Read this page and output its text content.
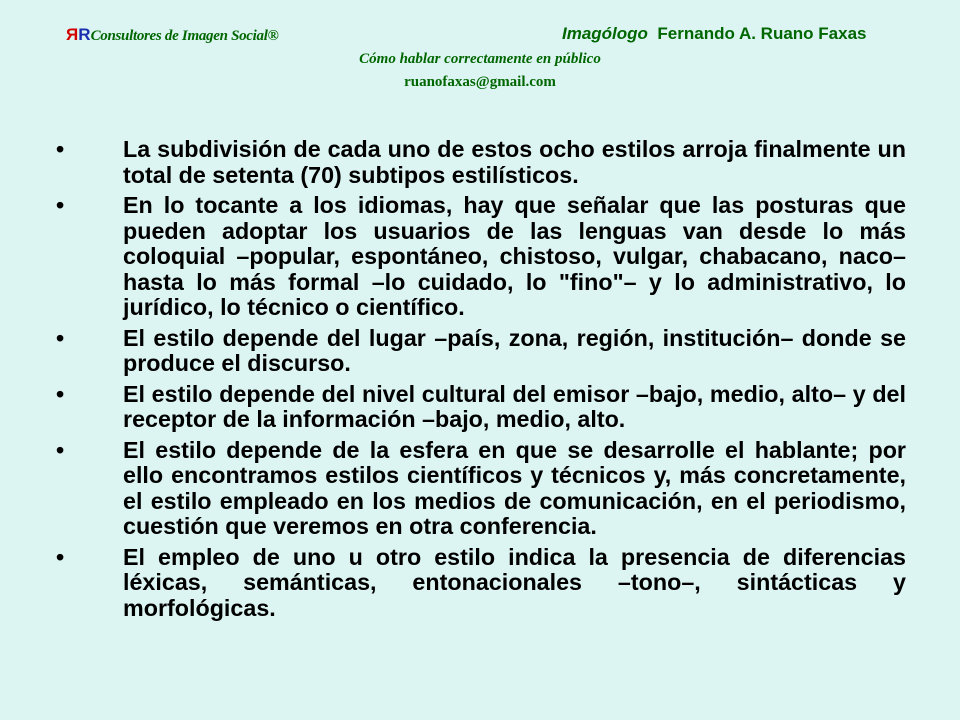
RRConsultores de Imagen Social®	Imagólogo Fernando A. Ruano Faxas
Cómo hablar correctamente en público
ruanofaxas@gmail.com
•	La subdivisión de cada uno de estos ocho estilos arroja finalmente un total de setenta (70) subtipos estilísticos.
•	En lo tocante a los idiomas, hay que señalar que las posturas que pueden adoptar los usuarios de las lenguas van desde lo más coloquial –popular, espontáneo, chistoso, vulgar, chabacano, naco– hasta lo más formal –lo cuidado, lo "fino"– y lo administrativo, lo jurídico, lo técnico o científico.
•	El estilo depende del lugar –país, zona, región, institución– donde se produce el discurso.
•	El estilo depende del nivel cultural del emisor –bajo, medio, alto– y del receptor de la información –bajo, medio, alto.
•	El estilo depende de la esfera en que se desarrolle el hablante; por ello encontramos estilos científicos y técnicos y, más concretamente, el estilo empleado en los medios de comunicación, en el periodismo, cuestión que veremos en otra conferencia.
•	El empleo de uno u otro estilo indica la presencia de diferencias léxicas, semánticas, entonacionales –tono–, sintácticas y morfológicas.
